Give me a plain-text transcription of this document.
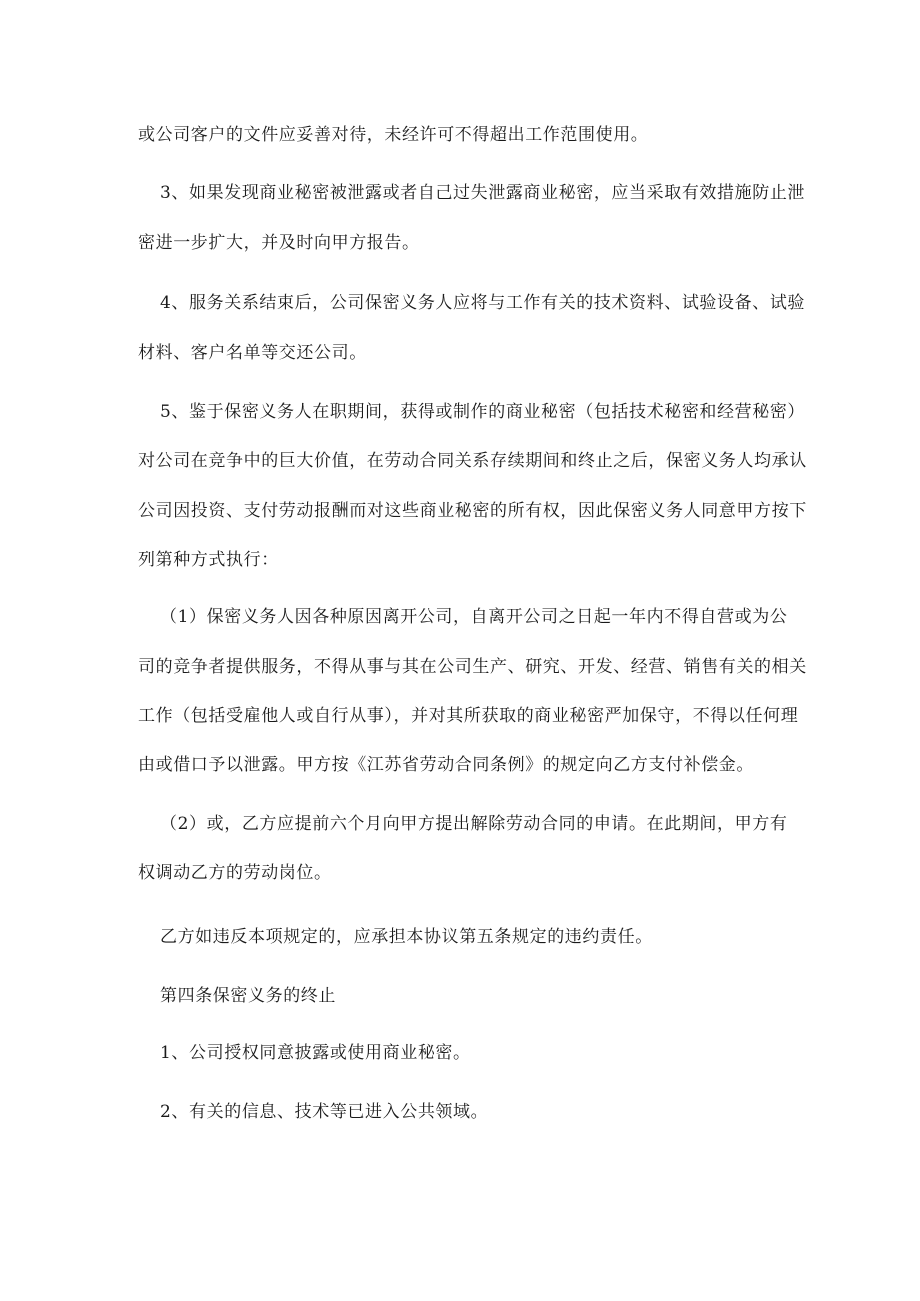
或公司客户的文件应妥善对待，未经许可不得超出工作范围使用。
3、如果发现商业秘密被泄露或者自己过失泄露商业秘密，应当采取有效措施防止泄
密进一步扩大，并及时向甲方报告。
4、服务关系结束后，公司保密义务人应将与工作有关的技术资料、试验设备、试验
材料、客户名单等交还公司。
5、鉴于保密义务人在职期间，获得或制作的商业秘密（包括技术秘密和经营秘密）
对公司在竞争中的巨大价值，在劳动合同关系存续期间和终止之后，保密义务人均承认
公司因投资、支付劳动报酬而对这些商业秘密的所有权，因此保密义务人同意甲方按下
列第种方式执行：
（1）保密义务人因各种原因离开公司，自离开公司之日起一年内不得自营或为公
司的竞争者提供服务，不得从事与其在公司生产、研究、开发、经营、销售有关的相关
工作（包括受雇他人或自行从事），并对其所获取的商业秘密严加保守，不得以任何理
由或借口予以泄露。甲方按《江苏省劳动合同条例》的规定向乙方支付补偿金。
（2）或，乙方应提前六个月向甲方提出解除劳动合同的申请。在此期间，甲方有
权调动乙方的劳动岗位。
乙方如违反本项规定的，应承担本协议第五条规定的违约责任。
第四条保密义务的终止
1、公司授权同意披露或使用商业秘密。
2、有关的信息、技术等已进入公共领域。
